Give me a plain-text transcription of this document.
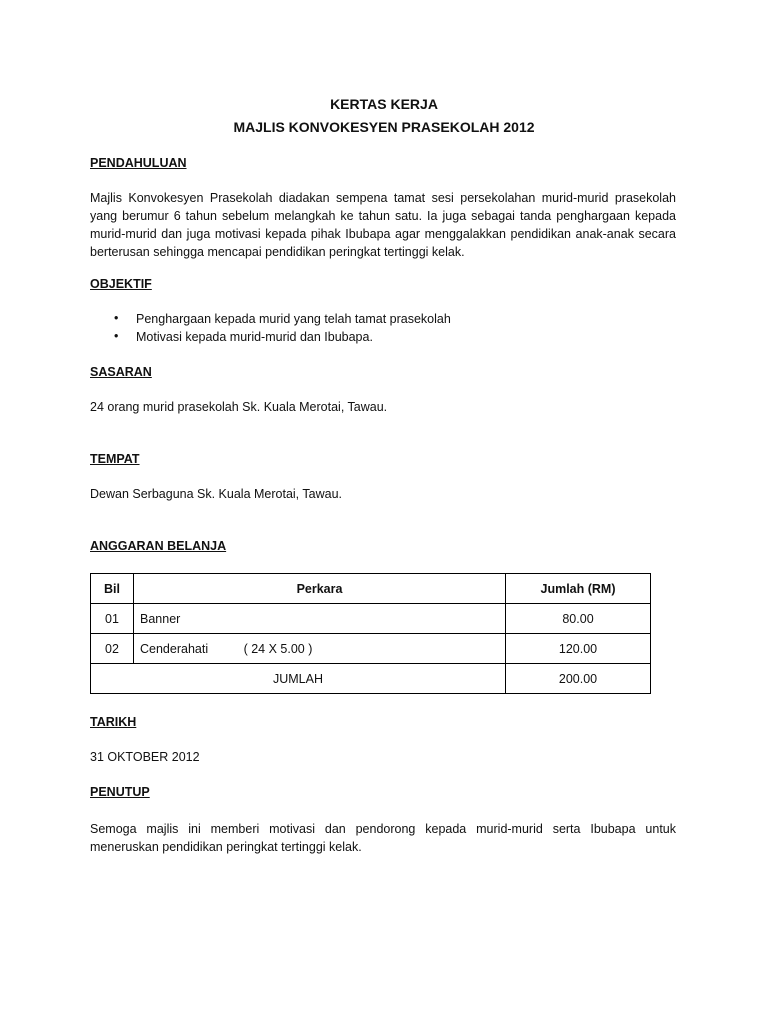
KERTAS KERJA
MAJLIS KONVOKESYEN PRASEKOLAH 2012
PENDAHULUAN
Majlis Konvokesyen Prasekolah diadakan sempena tamat sesi persekolahan murid-murid prasekolah yang berumur 6 tahun sebelum melangkah ke tahun satu. Ia juga sebagai tanda penghargaan kepada murid-murid dan juga motivasi kepada pihak Ibubapa agar menggalakkan pendidikan anak-anak secara berterusan sehingga mencapai pendidikan peringkat tertinggi kelak.
OBJEKTIF
• Penghargaan kepada murid yang telah tamat prasekolah
• Motivasi kepada murid-murid dan Ibubapa.
SASARAN
24 orang murid prasekolah Sk. Kuala Merotai, Tawau.
TEMPAT
Dewan Serbaguna Sk. Kuala Merotai, Tawau.
ANGGARAN BELANJA
Bil	Perkara	Jumlah (RM)
01	Banner	80.00
02	Cenderahati ( 24 X 5.00 )	120.00
JUMLAH		200.00
TARIKH
31 OKTOBER 2012
PENUTUP
Semoga majlis ini memberi motivasi dan pendorong kepada murid-murid serta Ibubapa untuk meneruskan pendidikan peringkat tertinggi kelak.
